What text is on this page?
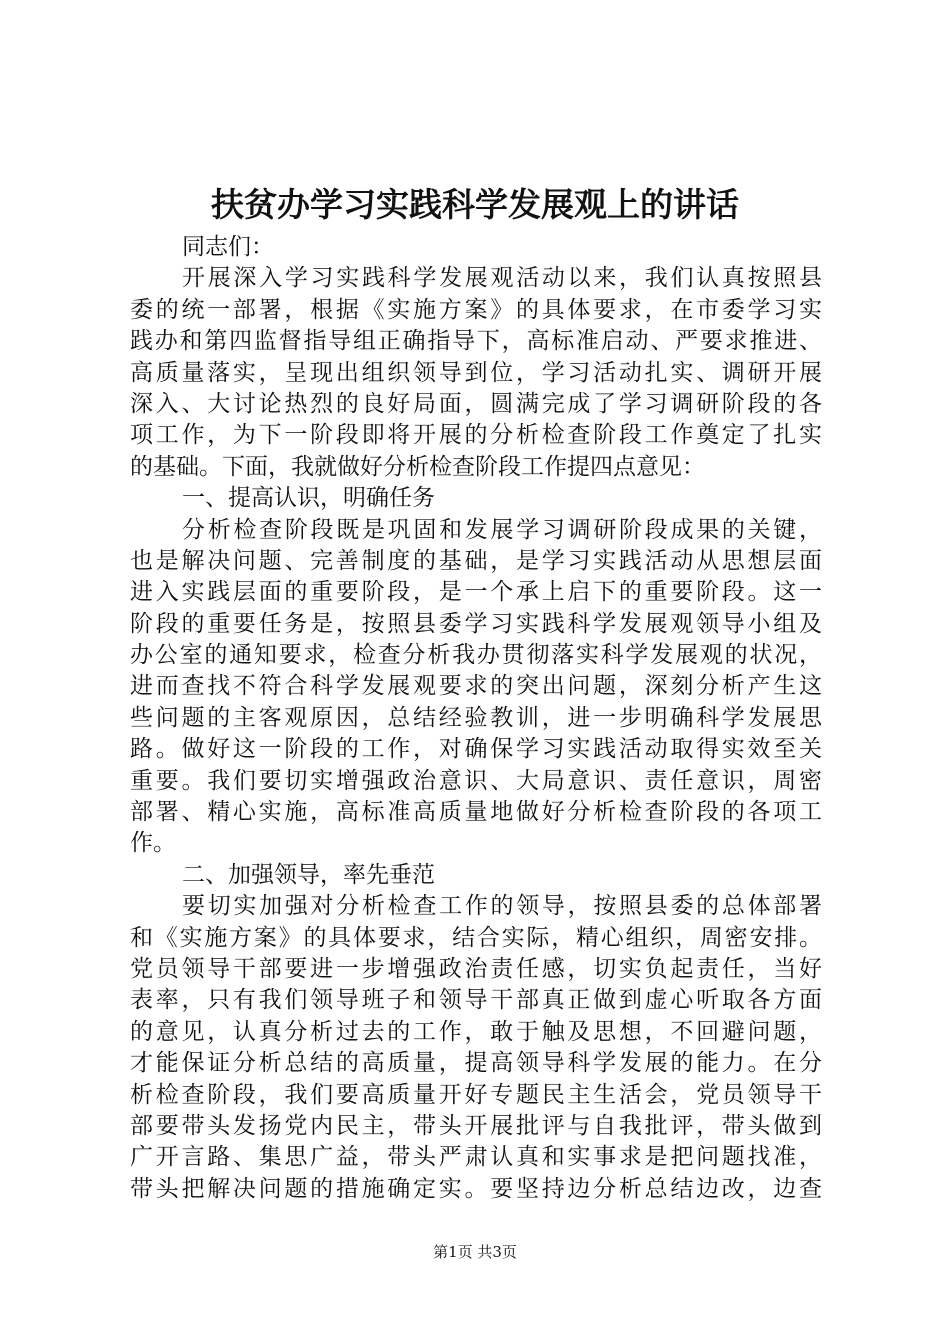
扶贫办学习实践科学发展观上的讲话
同志们：
开展深入学习实践科学发展观活动以来，我们认真按照县
委的统一部署，根据《实施方案》的具体要求，在市委学习实
践办和第四监督指导组正确指导下，高标准启动、严要求推进、
高质量落实，呈现出组织领导到位，学习活动扎实、调研开展
深入、大讨论热烈的良好局面，圆满完成了学习调研阶段的各
项工作，为下一阶段即将开展的分析检查阶段工作奠定了扎实
的基础。下面，我就做好分析检查阶段工作提四点意见：
一、提高认识，明确任务
分析检查阶段既是巩固和发展学习调研阶段成果的关键，
也是解决问题、完善制度的基础，是学习实践活动从思想层面
进入实践层面的重要阶段，是一个承上启下的重要阶段。这一
阶段的重要任务是，按照县委学习实践科学发展观领导小组及
办公室的通知要求，检查分析我办贯彻落实科学发展观的状况，
进而查找不符合科学发展观要求的突出问题，深刻分析产生这
些问题的主客观原因，总结经验教训，进一步明确科学发展思
路。做好这一阶段的工作，对确保学习实践活动取得实效至关
重要。我们要切实增强政治意识、大局意识、责任意识，周密
部署、精心实施，高标准高质量地做好分析检查阶段的各项工
作。
二、加强领导，率先垂范
要切实加强对分析检查工作的领导，按照县委的总体部署
和《实施方案》的具体要求，结合实际，精心组织，周密安排。
党员领导干部要进一步增强政治责任感，切实负起责任，当好
表率，只有我们领导班子和领导干部真正做到虚心听取各方面
的意见，认真分析过去的工作，敢于触及思想，不回避问题，
才能保证分析总结的高质量，提高领导科学发展的能力。在分
析检查阶段，我们要高质量开好专题民主生活会，党员领导干
部要带头发扬党内民主，带头开展批评与自我批评，带头做到
广开言路、集思广益，带头严肃认真和实事求是把问题找准，
带头把解决问题的措施确定实。要坚持边分析总结边改，边查
第1页 共3页
